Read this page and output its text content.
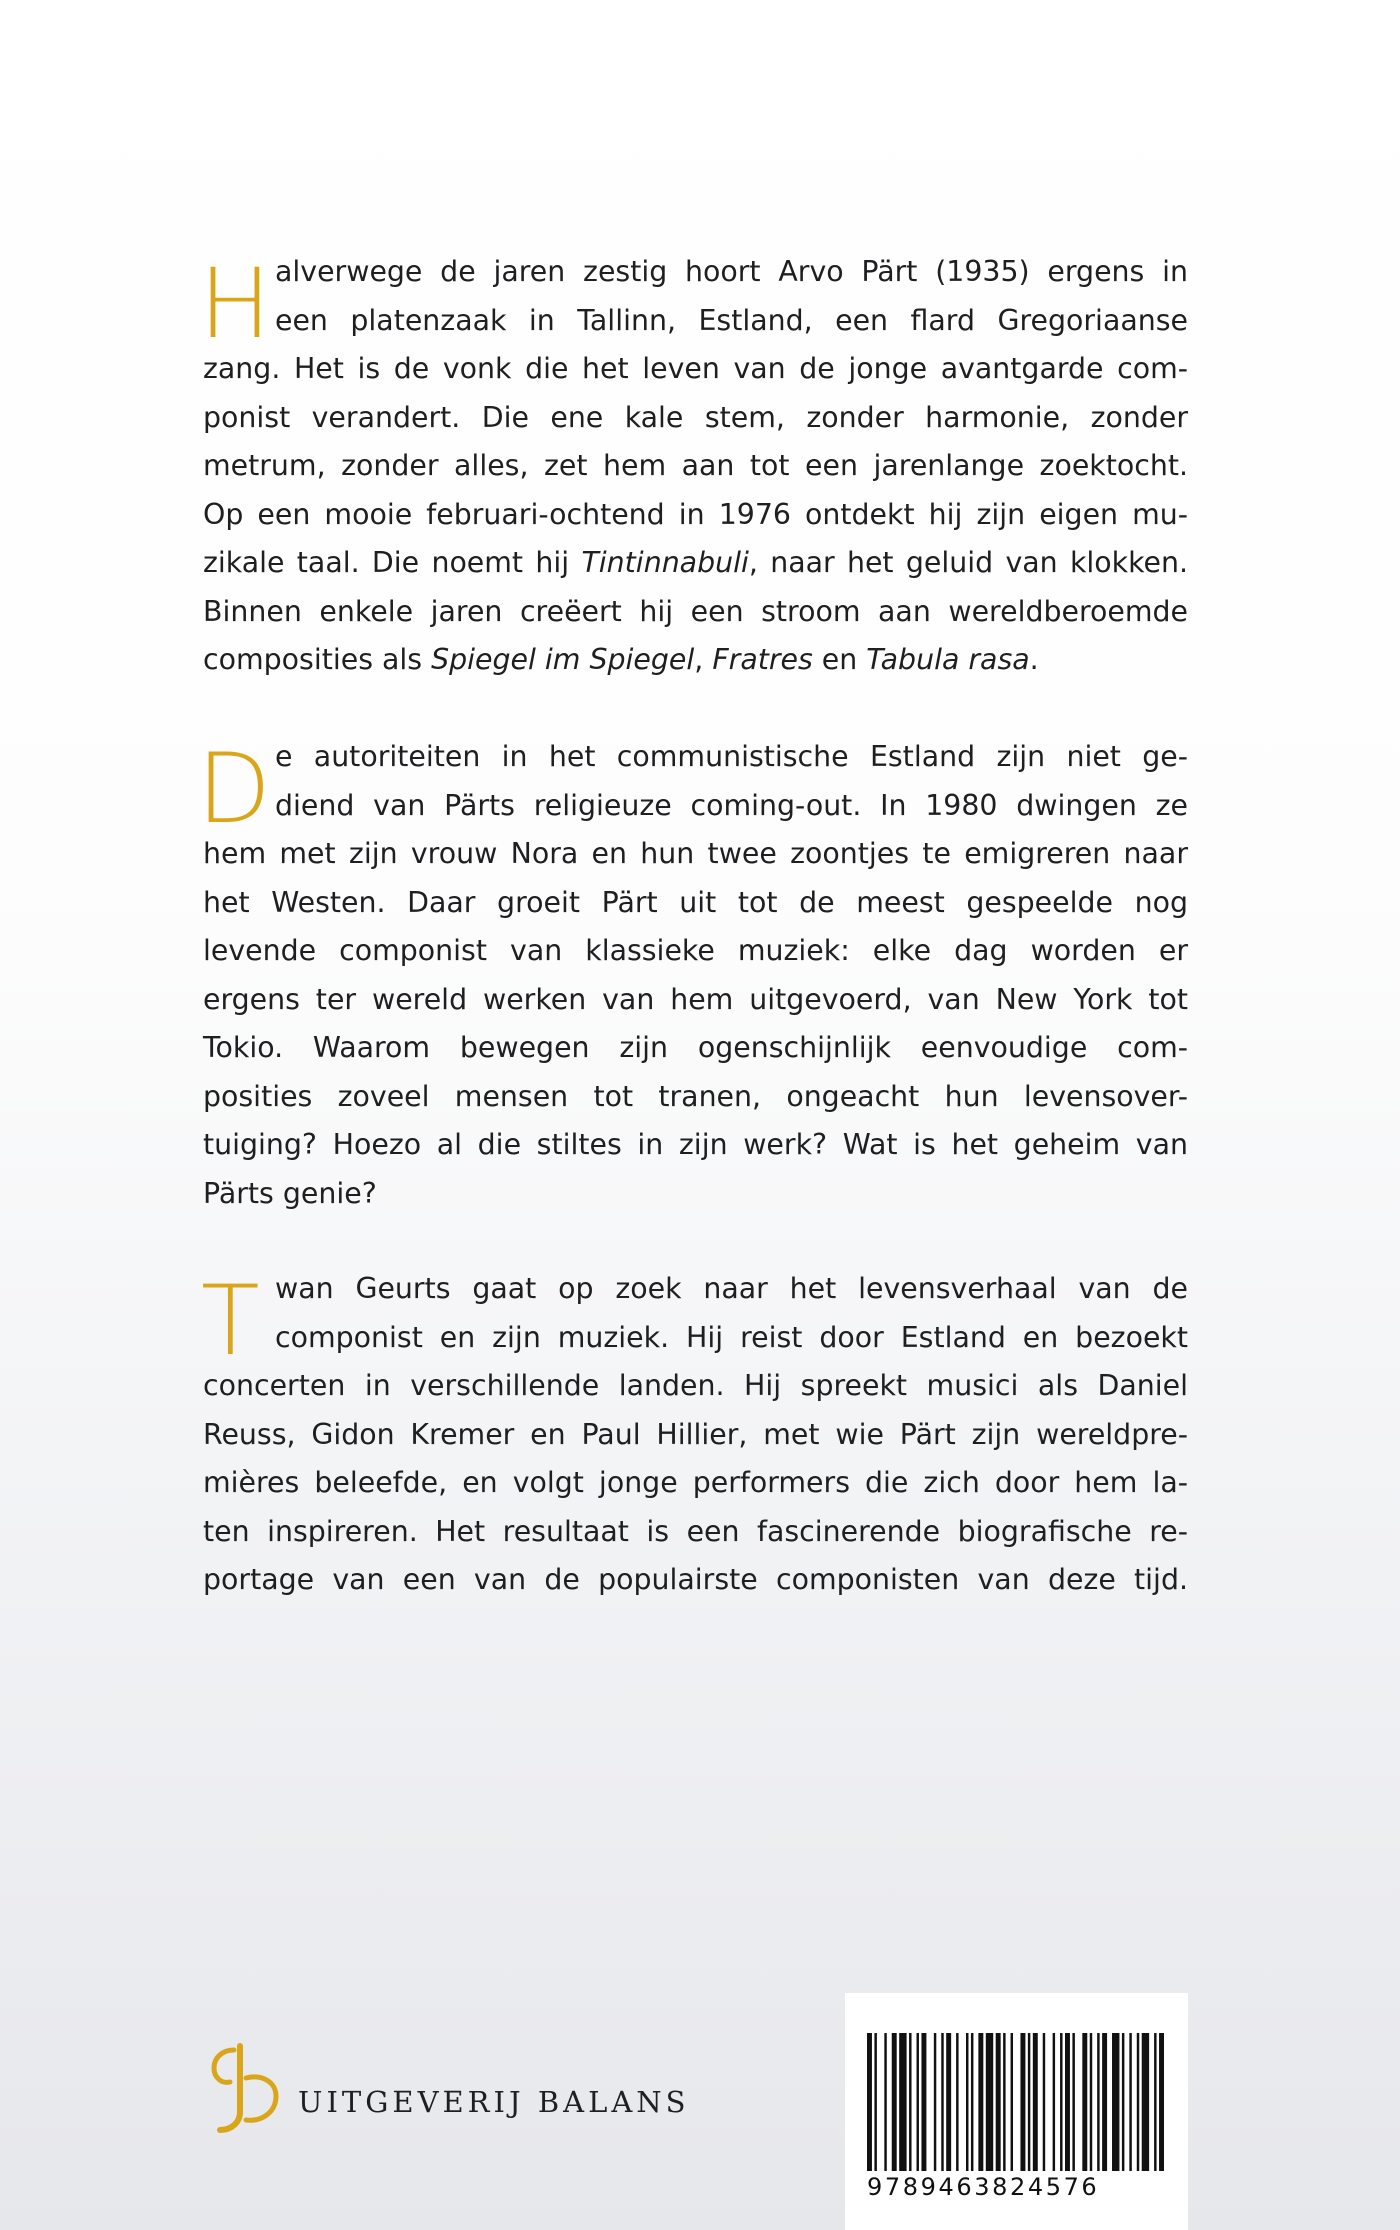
H alverwege de jaren zestig hoort Arvo Pärt (1935) ergens in
een platenzaak in Tallinn, Estland, een flard Gregoriaanse
zang. Het is de vonk die het leven van de jonge avantgarde com-
ponist verandert. Die ene kale stem, zonder harmonie, zonder
metrum, zonder alles, zet hem aan tot een jarenlange zoektocht.
Op een mooie februari-ochtend in 1976 ontdekt hij zijn eigen mu-
zikale taal. Die noemt hij Tintinnabuli, naar het geluid van klokken.
Binnen enkele jaren creëert hij een stroom aan wereldberoemde
composities als Spiegel im Spiegel, Fratres en Tabula rasa.
D e autoriteiten in het communistische Estland zijn niet ge-
diend van Pärts religieuze coming-out. In 1980 dwingen ze
hem met zijn vrouw Nora en hun twee zoontjes te emigreren naar
het Westen. Daar groeit Pärt uit tot de meest gespeelde nog
levende componist van klassieke muziek: elke dag worden er
ergens ter wereld werken van hem uitgevoerd, van New York tot
Tokio. Waarom bewegen zijn ogenschijnlijk eenvoudige com-
posities zoveel mensen tot tranen, ongeacht hun levensover-
tuiging? Hoezo al die stiltes in zijn werk? Wat is het geheim van
Pärts genie?
T wan Geurts gaat op zoek naar het levensverhaal van de
componist en zijn muziek. Hij reist door Estland en bezoekt
concerten in verschillende landen. Hij spreekt musici als Daniel
Reuss, Gidon Kremer en Paul Hillier, met wie Pärt zijn wereldpre-
mières beleefde, en volgt jonge performers die zich door hem la-
ten inspireren. Het resultaat is een fascinerende biografische re-
portage van een van de populairste componisten van deze tijd.
UITGEVERIJ BALANS
9789463824576
